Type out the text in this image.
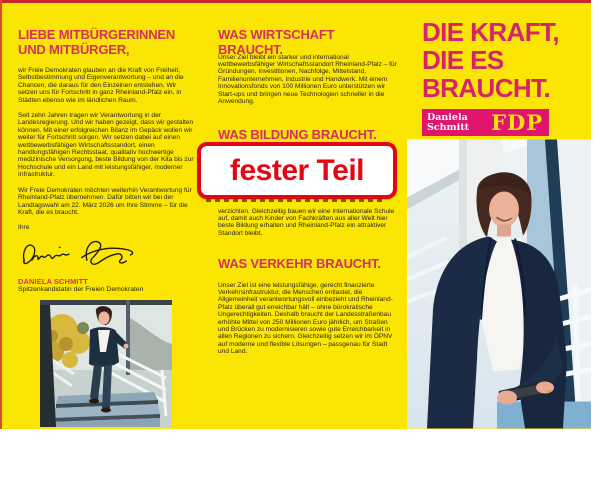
LIEBE MITBÜRGERINNEN UND MITBÜRGER,

wir Freie Demokraten glauben an die Kraft von Freiheit, Selbstbestimmung und Eigenverantwortung – und an die Chancen, die daraus für den Einzelnen entstehen. Wir setzen uns für Fortschritt in ganz Rheinland-Pfalz ein, in Städten ebenso wie im ländlichen Raum.

Seit zehn Jahren tragen wir Verantwortung in der Landesregierung. Und wir haben gezeigt, dass wir gestalten können. Mit einer erfolgreichen Bilanz im Gepäck wollen wir weiter für Fortschritt sorgen. Wir setzen dabei auf einen wettbewerbsfähigen Wirtschaftsstandort, einen handlungsfähigen Rechtsstaat, qualitativ hochwertige medizinische Versorgung, beste Bildung von der Kita bis zur Hochschule und ein Land mit leistungsfähiger, moderner Infrastruktur.

Wir Freie Demokraten möchten weiterhin Verantwortung für Rheinland-Pfalz übernehmen. Dafür bitten wir bei der Landtagswahl am 22. März 2026 um Ihre Stimme – für die Kraft, die es braucht.

Ihre
DANIELA SCHMITT
Spitzenkandidatin der Freien Demokraten
WAS WIRTSCHAFT BRAUCHT.

Unser Ziel bleibt ein starker und international wettbewerbsfähiger Wirtschaftsstandort Rheinland-Pfalz – für Gründungen, Investitionen, Nachfolge, Mittelstand, Familienunternehmen, Industrie und Handwerk. Mit einem Innovationsfonds von 100 Millionen Euro unterstützen wir Start-ups und bringen neue Technologien schneller in die Anwendung.

WAS BILDUNG BRAUCHT.

verzichten. Gleichzeitig bauen wir eine Internationale Schule auf, damit auch Kinder von Fachkräften aus aller Welt hier beste Bildung erhalten und Rheinland-Pfalz ein attraktiver Standort bleibt.

WAS VERKEHR BRAUCHT.

Unser Ziel ist eine leistungsfähige, gerecht finanzierte Verkehrsinfrastruktur, die Menschen entlastet, die Allgemeinheit verantwortungsvoll einbezieht und Rheinland-Pfalz überall gut erreichbar hält – ohne bürokratische Ungerechtigkeiten. Deshalb braucht der Landesstraßenbau erhöhte Mittel von 250 Millionen Euro jährlich, um Straßen und Brücken zu modernisieren sowie gute Erreichbarkeit in allen Regionen zu sichern. Gleichzeitig setzen wir im ÖPNV auf moderne und flexible Lösungen – passgenau für Stadt und Land.

fester Teil
DIE KRAFT,
DIE ES
BRAUCHT.
Daniela
Schmitt FDP
